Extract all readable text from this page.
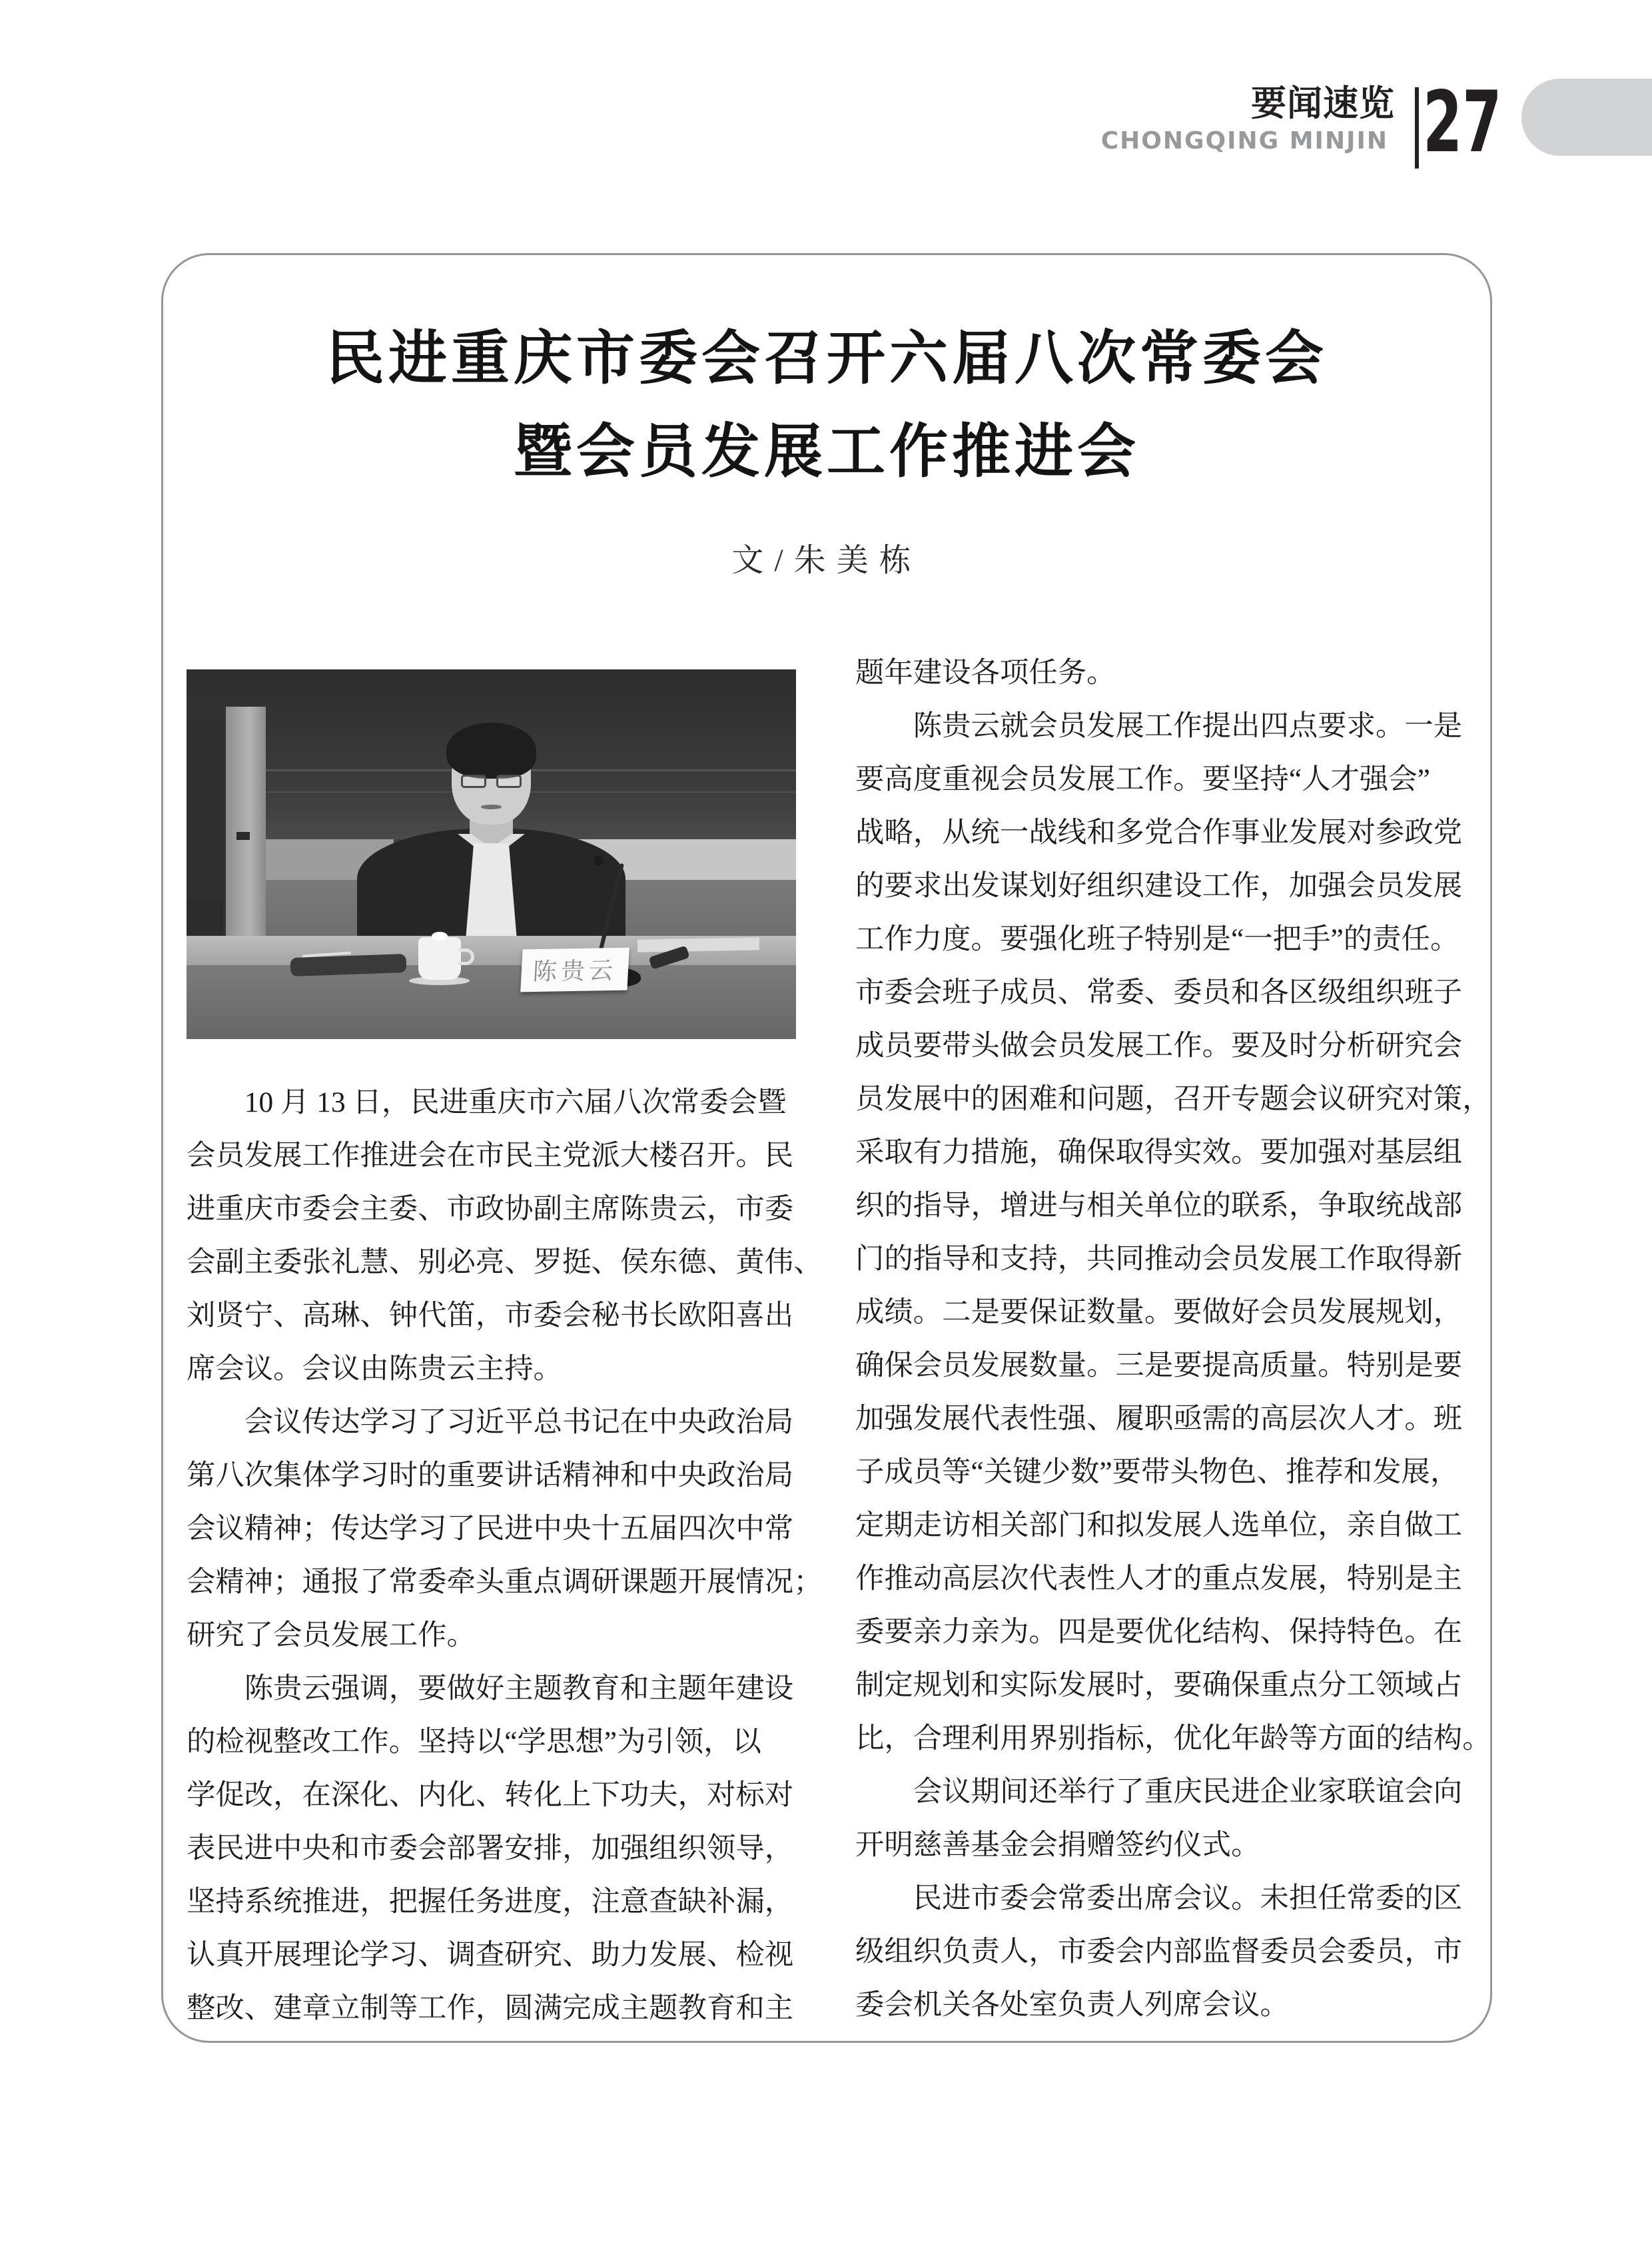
要闻速览
CHONGQING MINJIN 27
民进重庆市委会召开六届八次常委会
暨会员发展工作推进会
文/朱美栋
陈贵云
　　10 月 13 日，民进重庆市六届八次常委会暨
会员发展工作推进会在市民主党派大楼召开。民
进重庆市委会主委、市政协副主席陈贵云，市委
会副主委张礼慧、别必亮、罗挺、侯东德、黄伟、
刘贤宁、高琳、钟代笛，市委会秘书长欧阳喜出
席会议。会议由陈贵云主持。
　　会议传达学习了习近平总书记在中央政治局
第八次集体学习时的重要讲话精神和中央政治局
会议精神；传达学习了民进中央十五届四次中常
会精神；通报了常委牵头重点调研课题开展情况；
研究了会员发展工作。
　　陈贵云强调，要做好主题教育和主题年建设
的检视整改工作。坚持以“学思想”为引领，以
学促改，在深化、内化、转化上下功夫，对标对
表民进中央和市委会部署安排，加强组织领导，
坚持系统推进，把握任务进度，注意查缺补漏，
认真开展理论学习、调查研究、助力发展、检视
整改、建章立制等工作，圆满完成主题教育和主
题年建设各项任务。
　　陈贵云就会员发展工作提出四点要求。一是
要高度重视会员发展工作。要坚持“人才强会”
战略，从统一战线和多党合作事业发展对参政党
的要求出发谋划好组织建设工作，加强会员发展
工作力度。要强化班子特别是“一把手”的责任。
市委会班子成员、常委、委员和各区级组织班子
成员要带头做会员发展工作。要及时分析研究会
员发展中的困难和问题，召开专题会议研究对策，
采取有力措施，确保取得实效。要加强对基层组
织的指导，增进与相关单位的联系，争取统战部
门的指导和支持，共同推动会员发展工作取得新
成绩。二是要保证数量。要做好会员发展规划，
确保会员发展数量。三是要提高质量。特别是要
加强发展代表性强、履职亟需的高层次人才。班
子成员等“关键少数”要带头物色、推荐和发展，
定期走访相关部门和拟发展人选单位，亲自做工
作推动高层次代表性人才的重点发展，特别是主
委要亲力亲为。四是要优化结构、保持特色。在
制定规划和实际发展时，要确保重点分工领域占
比，合理利用界别指标，优化年龄等方面的结构。
　　会议期间还举行了重庆民进企业家联谊会向
开明慈善基金会捐赠签约仪式。
　　民进市委会常委出席会议。未担任常委的区
级组织负责人，市委会内部监督委员会委员，市
委会机关各处室负责人列席会议。
